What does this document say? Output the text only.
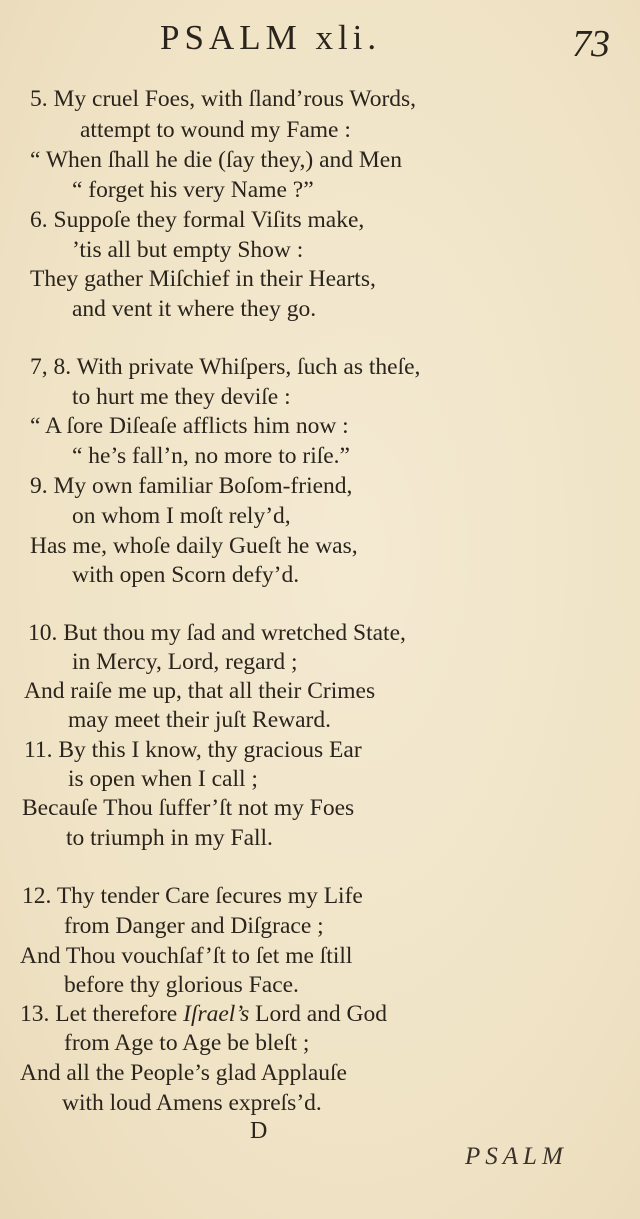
PSALM xli.	73
5. My cruel Foes, with ſland’rous Words,
attempt to wound my Fame :
“ When ſhall he die (ſay they,) and Men
“ forget his very Name ?”
6. Suppoſe they formal Viſits make,
’tis all but empty Show :
They gather Miſchief in their Hearts,
and vent it where they go.
7, 8. With private Whiſpers, ſuch as theſe,
to hurt me they deviſe :
“ A ſore Diſeaſe afflicts him now :
“ he’s fall’n, no more to riſe.”
9. My own familiar Boſom-friend,
on whom I moſt rely’d,
Has me, whoſe daily Gueſt he was,
with open Scorn defy’d.
10. But thou my ſad and wretched State,
in Mercy, Lord, regard ;
And raiſe me up, that all their Crimes
may meet their juſt Reward.
11. By this I know, thy gracious Ear
is open when I call ;
Becauſe Thou ſuffer’ſt not my Foes
to triumph in my Fall.
12. Thy tender Care ſecures my Life
from Danger and Diſgrace ;
And Thou vouchſaf’ſt to ſet me ſtill
before thy glorious Face.
13. Let therefore Iſrael’s Lord and God
from Age to Age be bleſt ;
And all the People’s glad Applauſe
with loud Amens expreſs’d.
D
PSALM
